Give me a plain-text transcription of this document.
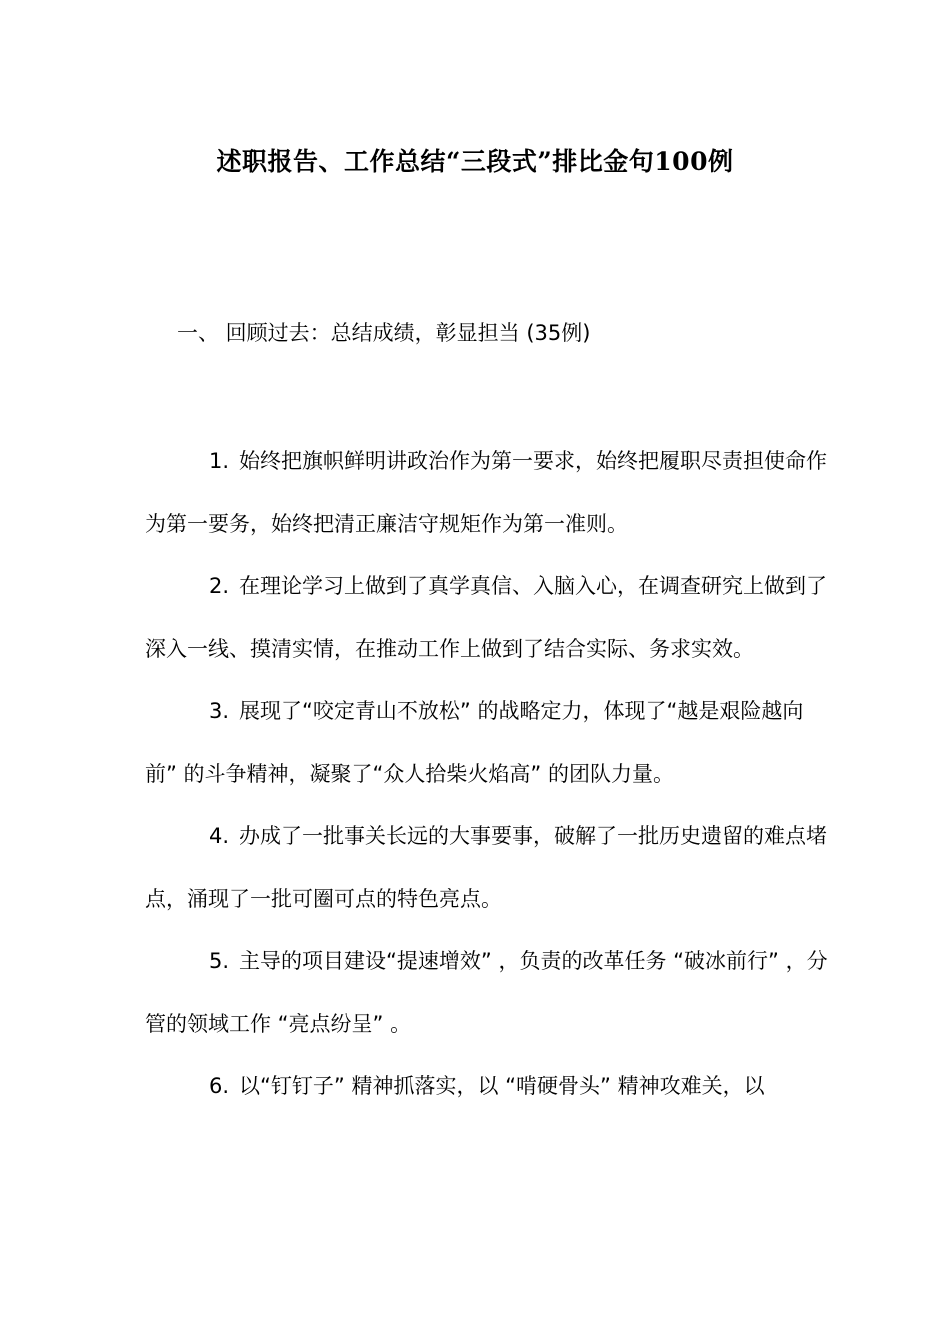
述职报告、工作总结“三段式”排比金句100例
一、 回顾过去：总结成绩，彰显担当 (35例)

1. 始终把旗帜鲜明讲政治作为第一要求，始终把履职尽责担使命作为第一要务，始终把清正廉洁守规矩作为第一准则。

2. 在理论学习上做到了真学真信、入脑入心，在调查研究上做到了深入一线、摸清实情，在推动工作上做到了结合实际、务求实效。

3. 展现了“咬定青山不放松” 的战略定力，体现了“越是艰险越向前” 的斗争精神，凝聚了“众人拾柴火焰高” 的团队力量。

4. 办成了一批事关长远的大事要事，破解了一批历史遗留的难点堵点，涌现了一批可圈可点的特色亮点。

5. 主导的项目建设“提速增效” ，负责的改革任务 “破冰前行” ，分管的领域工作 “亮点纷呈” 。

6. 以“钉钉子” 精神抓落实，以 “啃硬骨头” 精神攻难关，以
